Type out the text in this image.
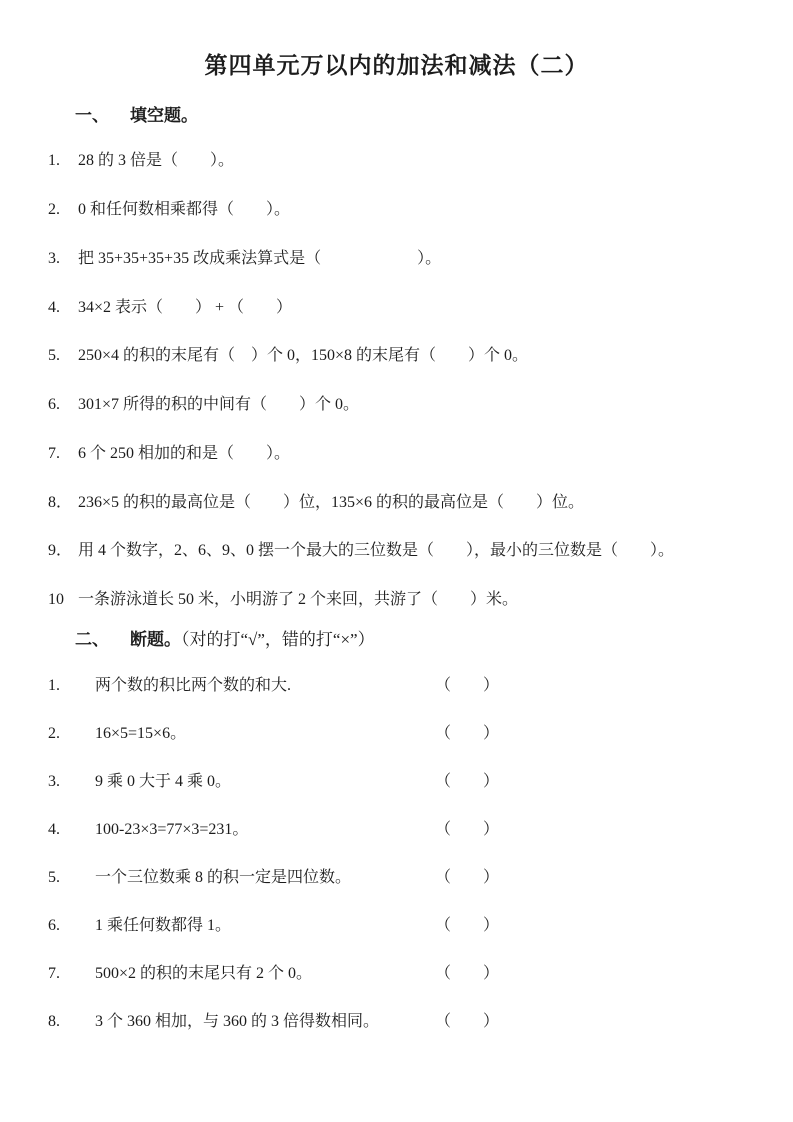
第四单元万以内的加法和减法（二）
一、 填空题。
1. 28 的 3 倍是（　　）。
2. 0 和任何数相乘都得（　　）。
3. 把 35+35+35+35 改成乘法算式是（　　　　　　）。
4. 34×2 表示（　　） + （　　）
5. 250×4 的积的末尾有（　）个 0，150×8 的末尾有（　　）个 0。
6. 301×7 所得的积的中间有（　　）个 0。
7. 6 个 250 相加的和是（　　）。
8． 236×5 的积的最高位是（　　）位，135×6 的积的最高位是（　　）位。
9． 用 4 个数字，2、6、9、0 摆一个最大的三位数是（　　），最小的三位数是（　　）。
10 一条游泳道长 50 米，小明游了 2 个来回，共游了（　　）米。
二、 断题。（对的打“√”，错的打“×”）
1. 两个数的积比两个数的和大.	（　　）
2. 16×5=15×6。	（　　）
3. 9 乘 0 大于 4 乘 0。	（　　）
4. 100-23×3=77×3=231。	（　　）
5. 一个三位数乘 8 的积一定是四位数。	（　　）
6. 1 乘任何数都得 1。	（　　）
7. 500×2 的积的末尾只有 2 个 0。	（　　）
8. 3 个 360 相加，与 360 的 3 倍得数相同。	（　　）
